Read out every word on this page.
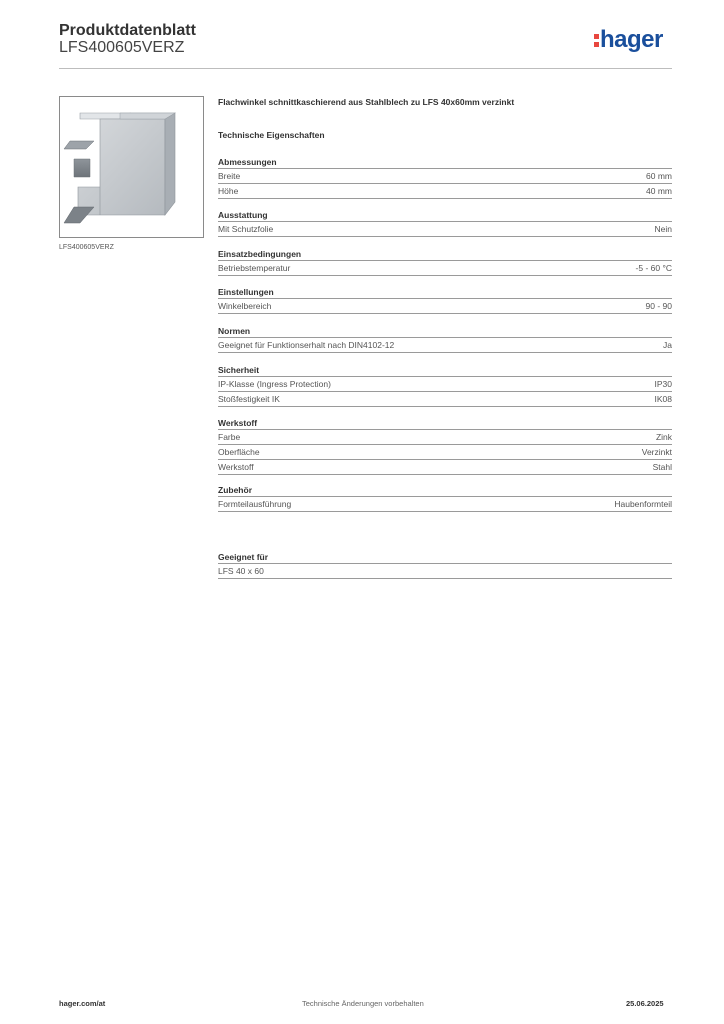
Produktdatenblatt
LFS400605VERZ	hager
LFS400605VERZ
Flachwinkel schnittkaschierend aus Stahlblech zu LFS 40x60mm verzinkt
Technische Eigenschaften
Abmessungen
Breite	60 mm
Höhe	40 mm
Ausstattung
Mit Schutzfolie	Nein
Einsatzbedingungen
Betriebstemperatur	-5 - 60 °C
Einstellungen
Winkelbereich	90 - 90
Normen
Geeignet für Funktionserhalt nach DIN4102-12	Ja
Sicherheit
IP-Klasse (Ingress Protection)	IP30
Stoßfestigkeit IK	IK08
Werkstoff
Farbe	Zink
Oberfläche	Verzinkt
Werkstoff	Stahl
Zubehör
Formteilausführung	Haubenformteil
Geeignet für
LFS 40 x 60
hager.com/at	Technische Änderungen vorbehalten	25.06.2025
